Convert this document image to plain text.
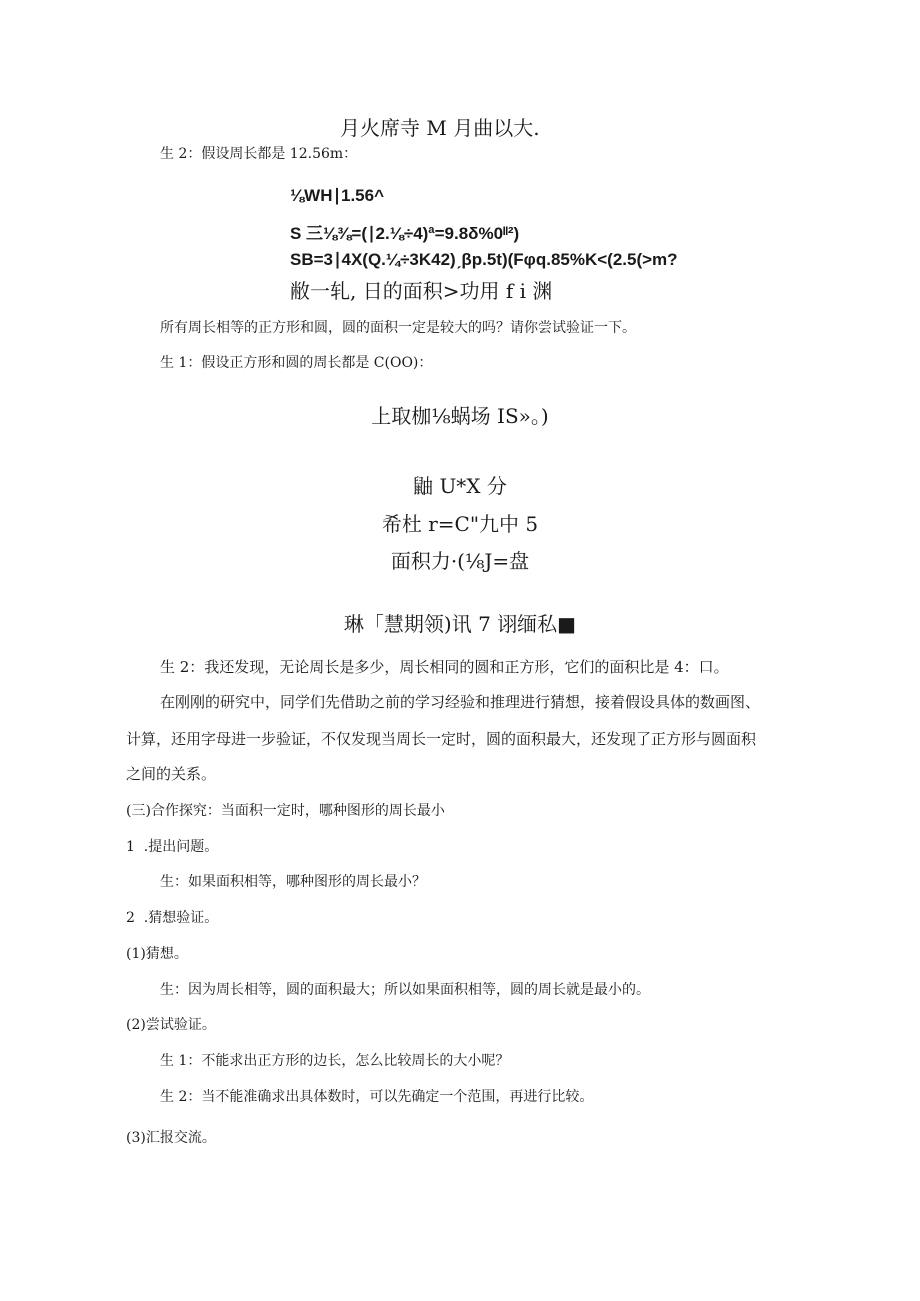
月火席寺 M 月曲以大.
生 2：假设周长都是 12.56m：
⅛WH∣1.56^
S 三⅛⅜=(∣2.⅛÷4)ª=9.8δ%0ˡˡ²)
SB=3∣4X(Q.¼÷3K42)ˏβp.5t)(Fφq.85%K<(2.5(>m?
敝一轧, 日的面积>功用 f i 渊
所有周长相等的正方形和圆，圆的面积一定是较大的吗？请你尝试验证一下。
生 1：假设正方形和圆的周长都是 C(OO)：
上取枷⅛蜗场 IS»。)
鼬 U*X 分
希杜 r=C"九中 5
面积力·(⅛J=盘
琳「慧期领)讯 7 诩缅私■
生 2：我还发现，无论周长是多少，周长相同的圆和正方形，它们的面积比是 4：口。
在刚刚的研究中，同学们先借助之前的学习经验和推理进行猜想，接着假设具体的数画图、
计算，还用字母进一步验证，不仅发现当周长一定时，圆的面积最大，还发现了正方形与圆面积
之间的关系。
(三)合作探究：当面积一定时，哪种图形的周长最小
1  .提出问题。
生：如果面积相等，哪种图形的周长最小？
2  .猜想验证。
(1)猜想。
生：因为周长相等，圆的面积最大；所以如果面积相等，圆的周长就是最小的。
(2)尝试验证。
生 1：不能求出正方形的边长，怎么比较周长的大小呢？
生 2：当不能准确求出具体数时，可以先确定一个范围，再进行比较。
(3)汇报交流。
